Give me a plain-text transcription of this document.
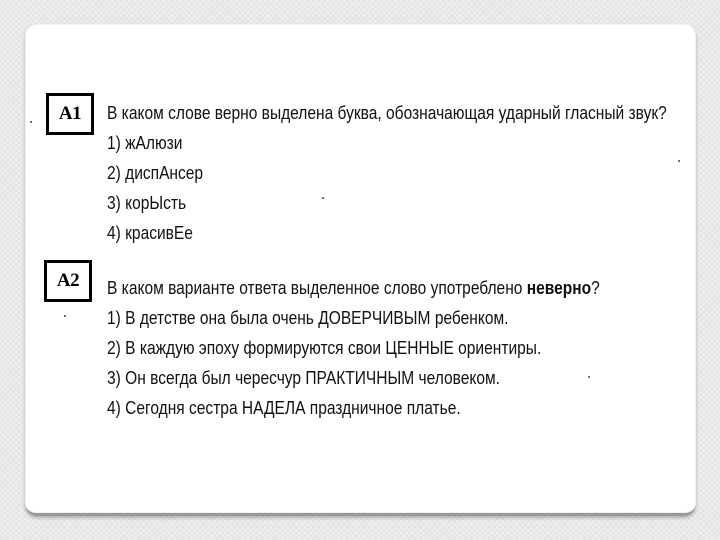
А1	В каком слове верно выделена буква, обозначающая ударный гласный звук?
1) жАлюзи
2) диспАнсер
3) корЫсть
4) красивЕе
А2	В каком варианте ответа выделенное слово употреблено неверно?
1) В детстве она была очень ДОВЕРЧИВЫМ ребенком.
2) В каждую эпоху формируются свои ЦЕННЫЕ ориентиры.
3) Он всегда был чересчур ПРАКТИЧНЫМ человеком.
4) Сегодня сестра НАДЕЛА праздничное платье.
